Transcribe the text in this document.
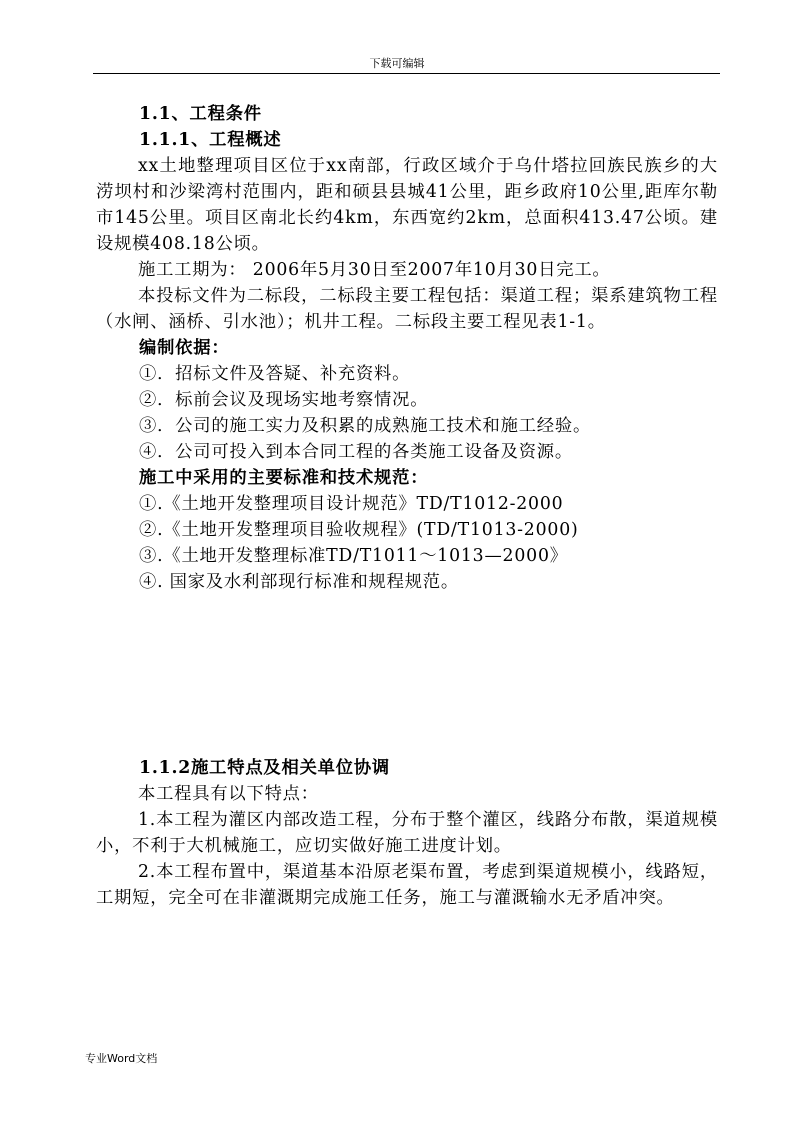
下载可编辑

1.1、工程条件

1.1.1、工程概述

xx土地整理项目区位于xx南部，行政区域介于乌什塔拉回族民族乡的大涝坝村和沙梁湾村范围内，距和硕县县城41公里，距乡政府10公里,距库尔勒市145公里。项目区南北长约4km，东西宽约2km，总面积413.47公顷。建设规模408.18公顷。

施工工期为： 2006年5月30日至2007年10月30日完工。

本投标文件为二标段，二标段主要工程包括：渠道工程；渠系建筑物工程（水闸、涵桥、引水池）；机井工程。二标段主要工程见表1-1。

编制依据：

①．招标文件及答疑、补充资料。

②．标前会议及现场实地考察情况。

③．公司的施工实力及积累的成熟施工技术和施工经验。

④．公司可投入到本合同工程的各类施工设备及资源。

施工中采用的主要标准和技术规范：

①.《土地开发整理项目设计规范》TD/T1012-2000

②.《土地开发整理项目验收规程》(TD/T1013-2000)

③.《土地开发整理标准TD/T1011～1013—2000》

④. 国家及水利部现行标准和规程规范。

1.1.2施工特点及相关单位协调

本工程具有以下特点：

1.本工程为灌区内部改造工程，分布于整个灌区，线路分布散，渠道规模小，不利于大机械施工，应切实做好施工进度计划。

2.本工程布置中，渠道基本沿原老渠布置，考虑到渠道规模小，线路短，工期短，完全可在非灌溉期完成施工任务，施工与灌溉输水无矛盾冲突。

专业Word文档
